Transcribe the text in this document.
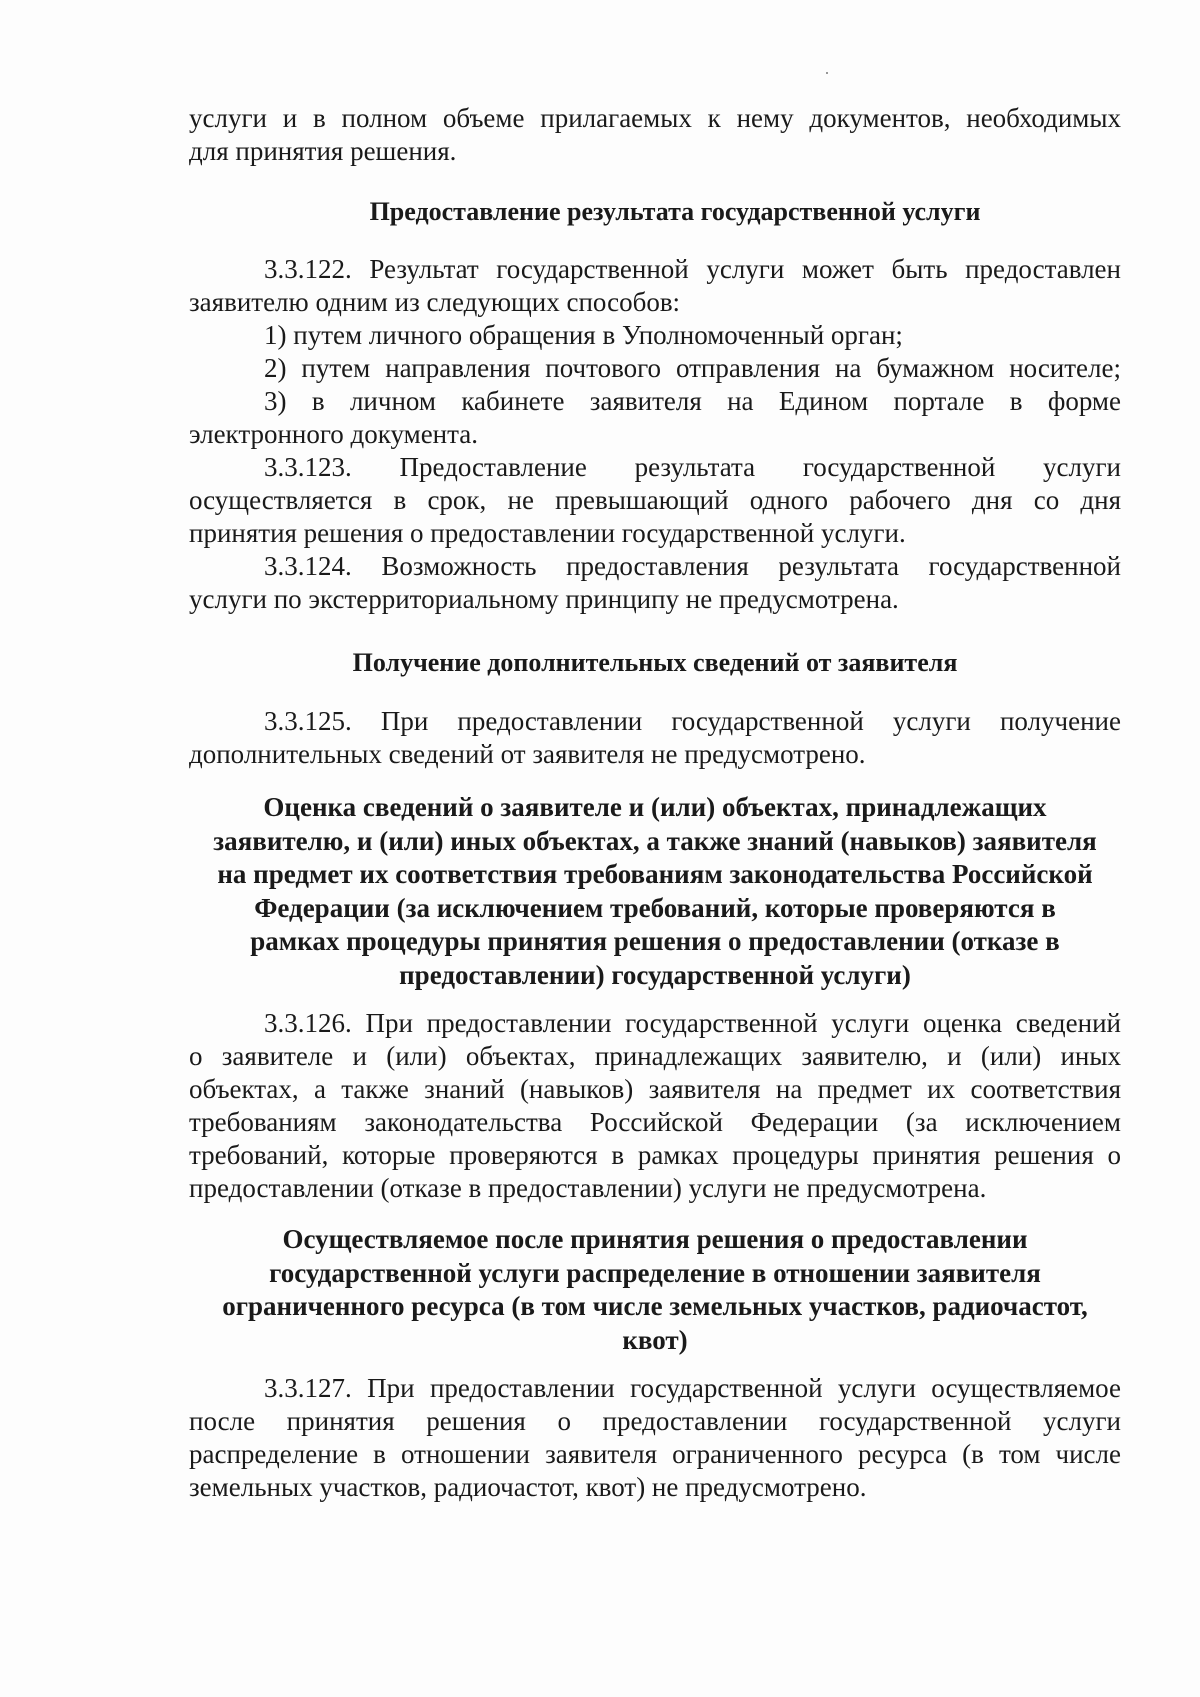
услуги и в полном объеме прилагаемых к нему документов, необходимых

для принятия решения.

Предоставление результата государственной услуги

3.3.122. Результат государственной услуги может быть предоставлен

заявителю одним из следующих способов:

1) путем личного обращения в Уполномоченный орган;

2) путем направления почтового отправления на бумажном носителе;

3) в личном кабинете заявителя на Едином портале в форме

электронного документа.

3.3.123. Предоставление результата государственной услуги

осуществляется в срок, не превышающий одного рабочего дня со дня

принятия решения о предоставлении государственной услуги.

3.3.124. Возможность предоставления результата государственной

услуги по экстерриториальному принципу не предусмотрена.

Получение дополнительных сведений от заявителя

3.3.125. При предоставлении государственной услуги получение

дополнительных сведений от заявителя не предусмотрено.

Оценка сведений о заявителе и (или) объектах, принадлежащих

заявителю, и (или) иных объектах, а также знаний (навыков) заявителя

на предмет их соответствия требованиям законодательства Российской

Федерации (за исключением требований, которые проверяются в

рамках процедуры принятия решения о предоставлении (отказе в

предоставлении) государственной услуги)

3.3.126. При предоставлении государственной услуги оценка сведений

о заявителе и (или) объектах, принадлежащих заявителю, и (или) иных

объектах, а также знаний (навыков) заявителя на предмет их соответствия

требованиям законодательства Российской Федерации (за исключением

требований, которые проверяются в рамках процедуры принятия решения о

предоставлении (отказе в предоставлении) услуги не предусмотрена.

Осуществляемое после принятия решения о предоставлении

государственной услуги распределение в отношении заявителя

ограниченного ресурса (в том числе земельных участков, радиочастот,

квот)

3.3.127. При предоставлении государственной услуги осуществляемое

после принятия решения о предоставлении государственной услуги

распределение в отношении заявителя ограниченного ресурса (в том числе

земельных участков, радиочастот, квот) не предусмотрено.
